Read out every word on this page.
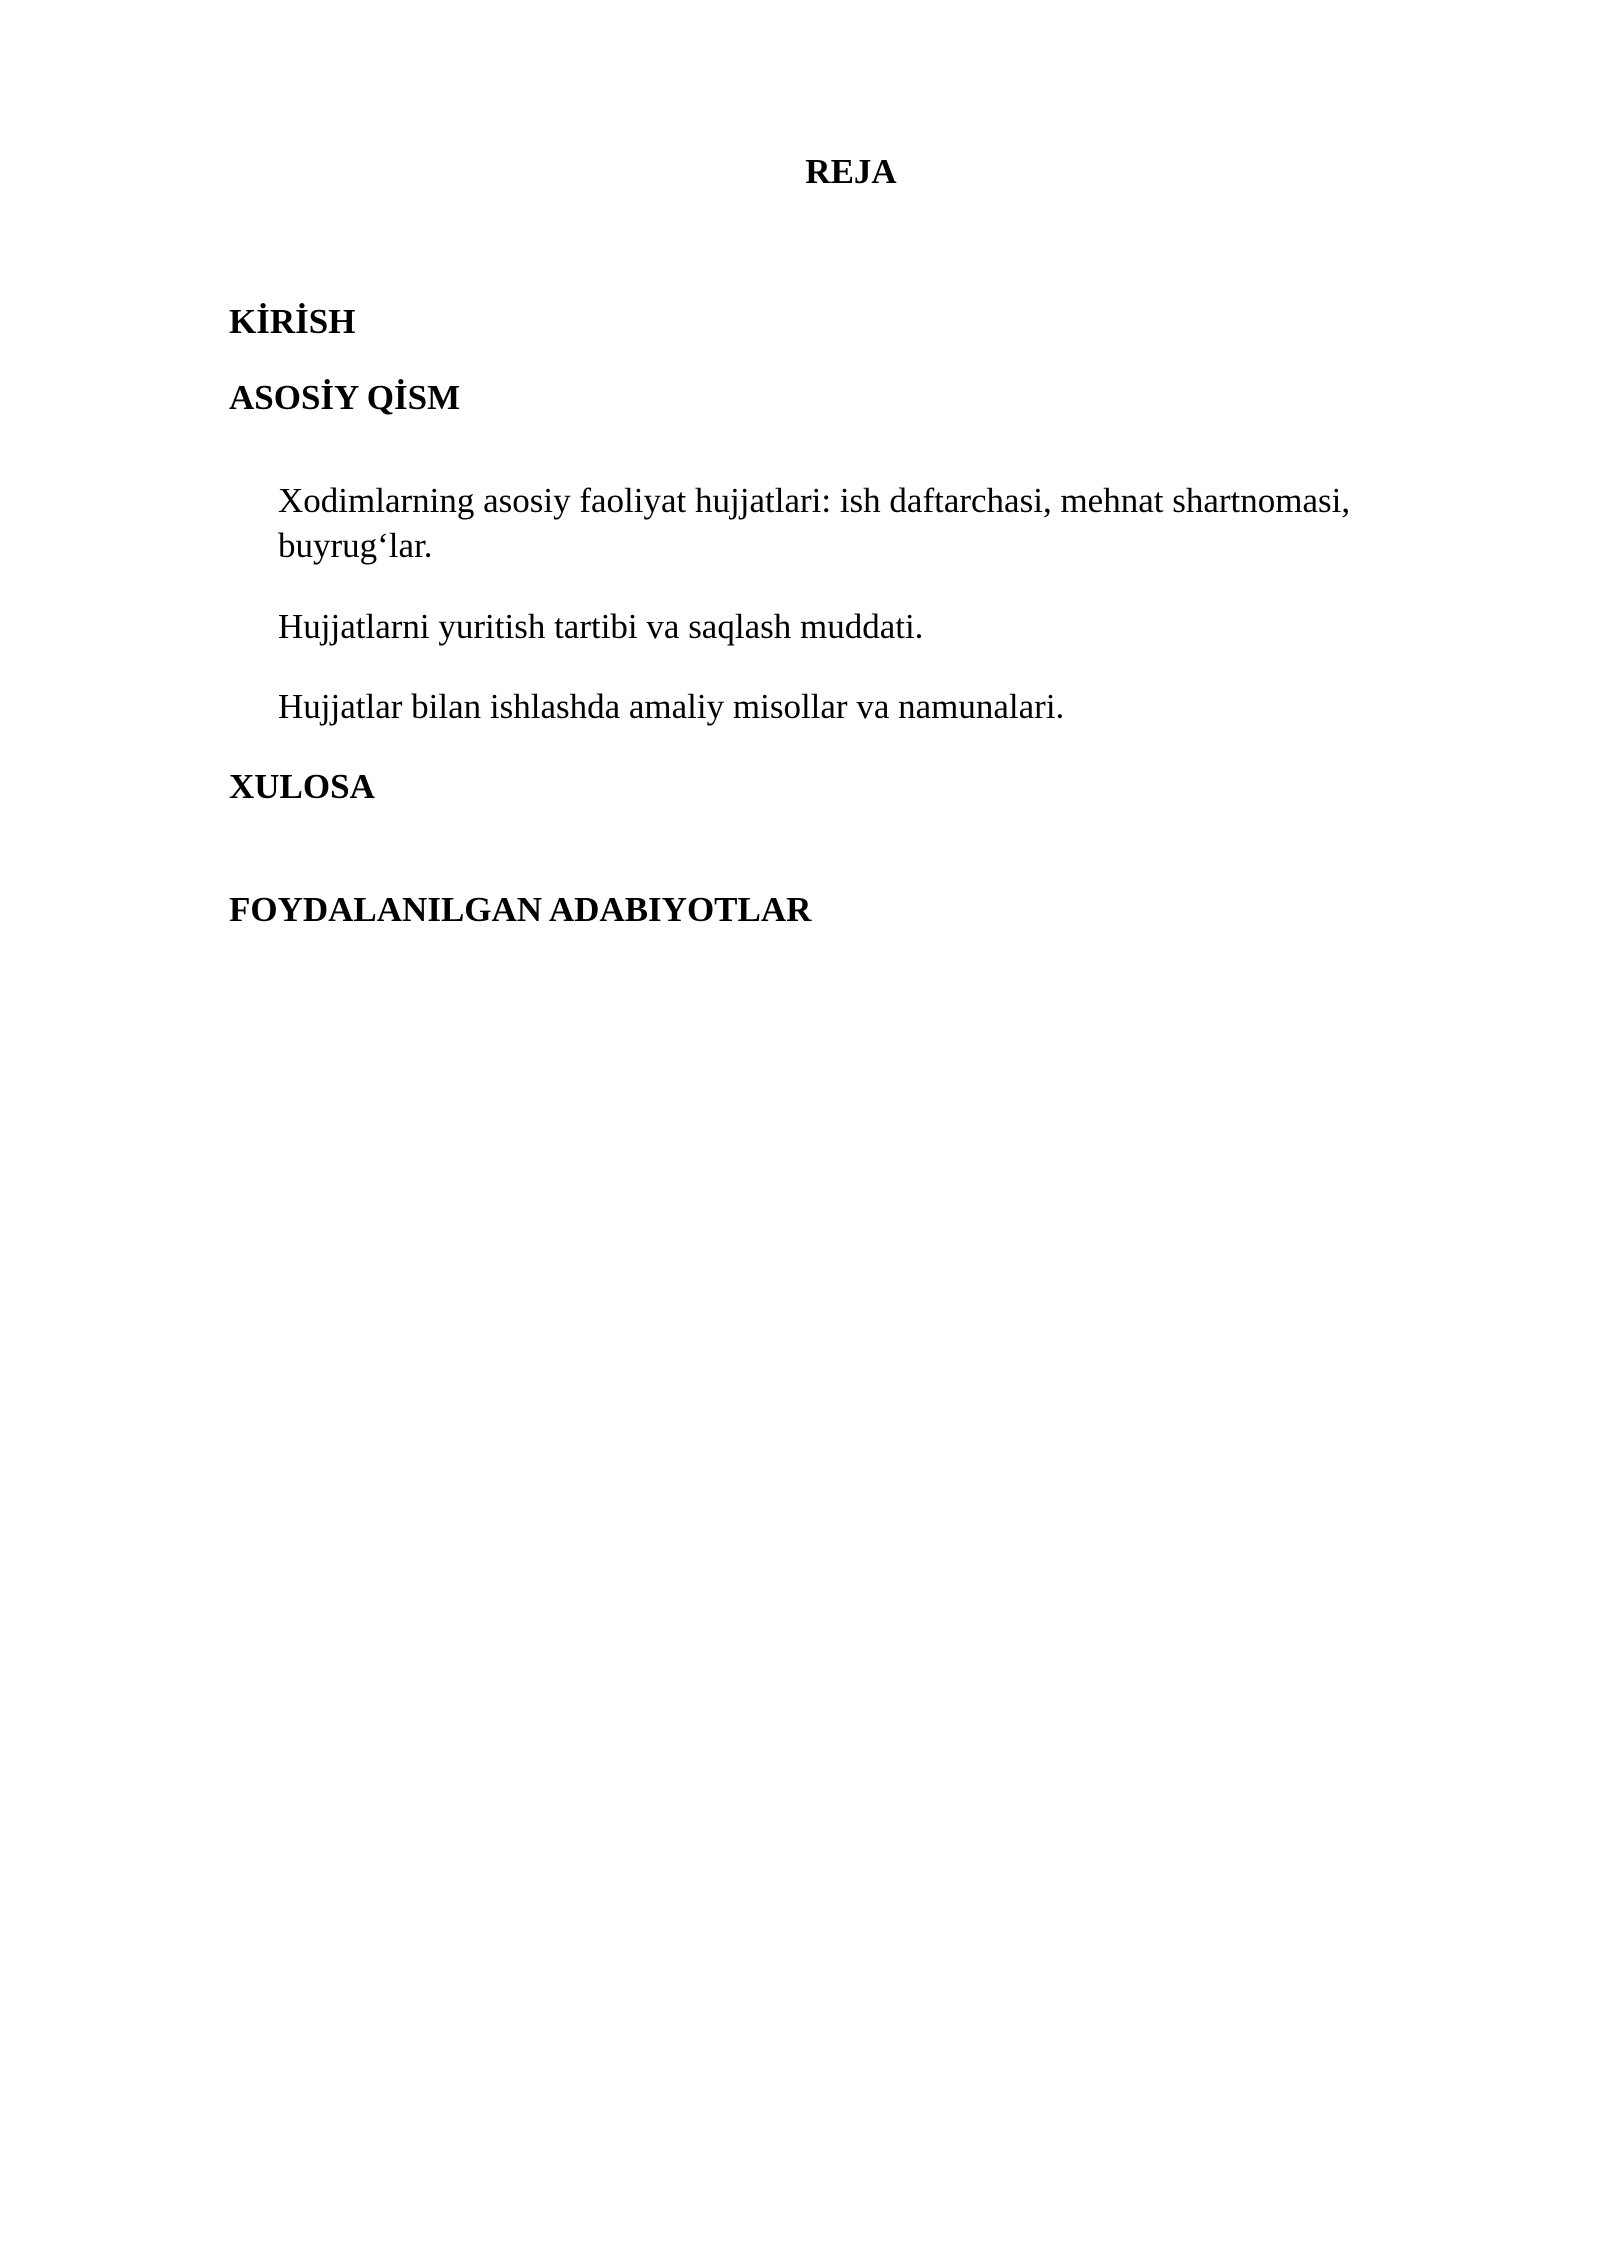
REJA
KİRİSH
ASOSİY QİSM

Xodimlarning asosiy faoliyat hujjatlari: ish daftarchasi, mehnat shartnomasi, buyrug‘lar.

Hujjatlarni yuritish tartibi va saqlash muddati.

Hujjatlar bilan ishlashda amaliy misollar va namunalari.

XULOSA
FOYDALANILGAN ADABIYOTLAR
